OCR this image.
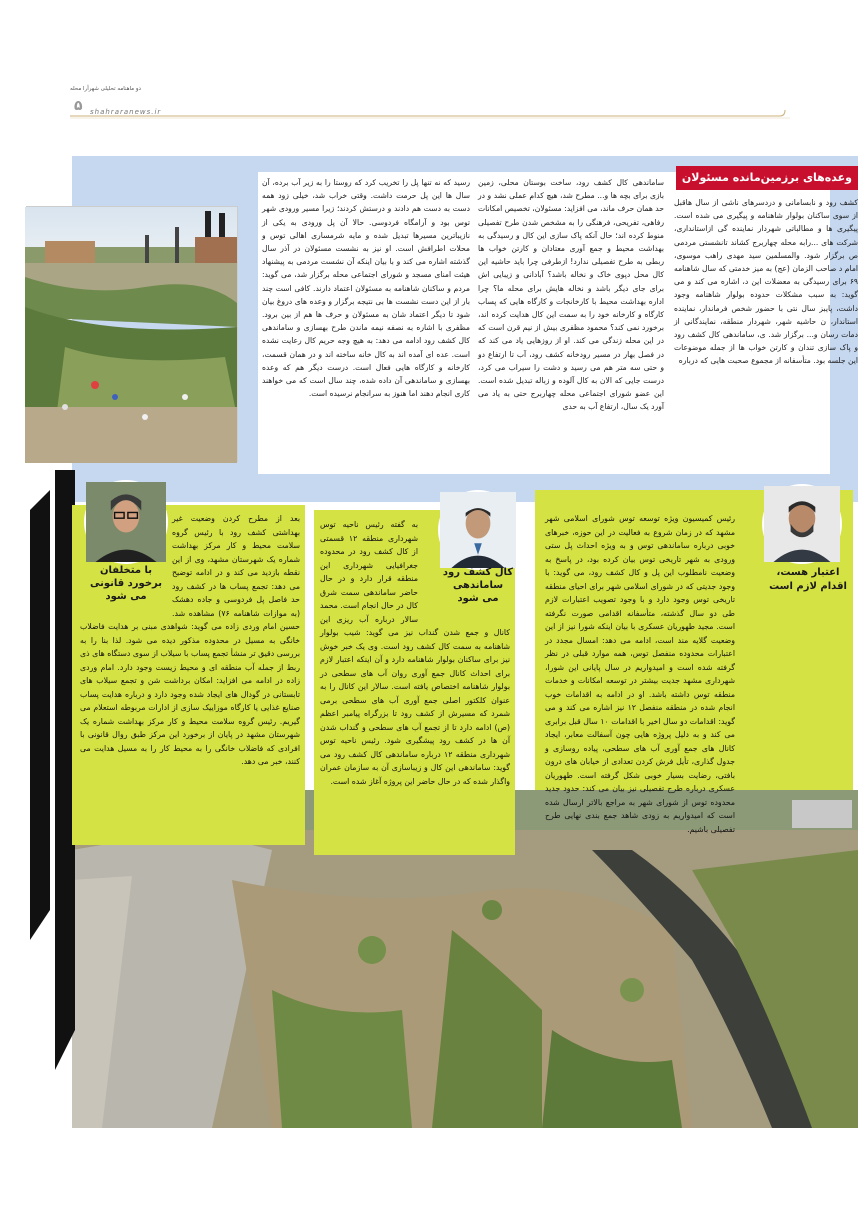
دو ماهنامه تحلیلی شهرآرا محله
۵ shahraranews.ir
وعده‌های برزمین‌مانده مسئولان
کشف رود و نابسامانی و دردسرهای ناشی از سال هاقبل از سوی ساکنان بولوار شاهنامه و پیگیری می شده است. پیگیری ها و مطالباتی شهردار نماینده گی ازاستانداری، شرکت های ...رابه محله چهاربرج کشاند تانشستی مردمی ص برگزار شود. والمسلمین سید مهدی راهب موسوی، امام د صاحب الزمان (عج) به میز خدمتی که سال شاهنامه ۶۹ برای رسیدگی به معضلات این د، اشاره می کند و می گوید: به سبب مشکلات حدوده بولوار شاهنامه وجود داشت، پایبز سال نتی با حضور شخص فرماندار، نماینده استاندار، ن حاشیه شهر، شهردار منطقه، نمایندگانی از دمات رسان و... برگزار شد. ی، ساماندهی کال کشف رود و پاک سازی تندان و کارتن خواب ها از جمله موضوعات این جلسه بود. متأسفانه از مجموع صحبت هایی که درباره
ساماندهی کال کشف رود، ساخت بوستان محلی، زمین بازی برای بچه ها و... مطرح شد، هیچ کدام عملی نشد و در حد همان حرف ماند، می افزاید: مسئولان، تخصیص امکانات رفاهی، تفریحی، فرهنگی را به مشخص شدن طرح تفصیلی منوط کرده اند؛ حال آنکه پاک سازی این کال و رسیدگی به بهداشت محیط و جمع آوری معتادان و کارتن خواب ها ربطی به طرح تفصیلی ندارد! ازطرفی چرا باید حاشیه این کال محل دپوی خاک و نخاله باشد؟ آبادانی و زیبایی اش برای جای دیگر باشد و نخاله هایش برای محله ما؟ چرا اداره بهداشت محیط با کارخانجات و کارگاه هایی که پساب کارگاه و کارخانه خود را به سمت این کال هدایت کرده اند، برخورد نمی کند؟ محمود مظفری بیش از نیم قرن است که در این محله زندگی می کند. او از روزهایی یاد می کند که در فصل بهار در مسیر رودخانه کشف رود، آب تا ارتفاع دو و حتی سه متر هم می رسید و دشت را سیراب می کرد، درست جایی که الان به کال آلوده و زباله تبدیل شده است. این عضو شورای اجتماعی محله چهاربرج حتی به یاد می آورد یک سال، ارتفاع آب به حدی
رسید که نه تنها پل را تخریب کرد که روستا را به زیر آب برده، آن سال ها این پل حرمت داشت. وقتی خراب شد، خیلی زود همه دست به دست هم دادند و درستش کردند؛ زیرا مسیر ورودی شهر توس بود و آرامگاه فردوسی. حالا آن پل ورودی به یکی از نازیباترین مسیرها تبدیل شده و مایه شرمساری اهالی توس و محلات اطرافش است. او نیز به نشست مسئولان در آذر سال گذشته اشاره می کند و با بیان اینکه آن نشست مردمی به پیشنهاد هیئت امنای مسجد و شورای اجتماعی محله برگزار شد، می گوید: مردم و ساکنان شاهنامه به مسئولان اعتماد دارند. کافی است چند بار از این دست نشست ها بی نتیجه برگزار و وعده های دروغ بیان شود تا دیگر اعتماد شان به مسئولان و حرف ها هم از بین برود. مظفری با اشاره به نصفه نیمه ماندن طرح بهسازی و ساماندهی کال کشف رود ادامه می دهد: به هیچ وجه حریم کال رعایت نشده است. عده ای آمده اند به کال خانه ساخته اند و در همان قسمت، کارخانه و کارگاه هایی فعال است. درست دیگر هم که وعده بهسازی و ساماندهی آن داده شده، چند سال است که می خواهند کاری انجام دهند اما هنوز به سرانجام نرسیده است.
اعتبار هست،
اقدام لازم است
رئیس کمیسیون ویژه توسعه توس شورای اسلامی شهر مشهد که در زمان شروع به فعالیت در این حوزه، خبرهای خوبی درباره ساماندهی توس و به ویژه احداث پل ستی ورودی به شهر تاریخی توس بیان کرده بود، در پاسخ به وضعیت نامطلوب این پل و کال کشف رود، می گوید: با وجود جدیتی که در شورای اسلامی شهر برای احیای منطقه تاریخی توس وجود دارد و با وجود تصویب اعتبارات لازم طی دو سال گذشته، متأسفانه اقدامی صورت نگرفته است. مجید طهوریان عسکری با بیان اینکه شورا نیز از این وضعیت گلایه مند است، ادامه می دهد: امسال مجدد در اعتبارات محدوده منفصل توس، همه موارد قبلی در نظر گرفته شده است و امیدواریم در سال پایانی این شورا، شهرداری مشهد جدیت بیشتر در توسعه امکانات و خدمات منطقه توس داشته باشد. او در ادامه به اقدامات خوب انجام شده در منطقه منفصل ۱۲ نیز اشاره می کند و می گوید: اقدامات دو سال اخیر با اقدامات ۱۰ سال قبل برابری می کند و به دلیل پروژه هایی چون آسفالت معابر، ایجاد کانال های جمع آوری آب های سطحی، پیاده روسازی و جدول گذاری، تأیل فرش کردن تعدادی از خیابان های درون بافتی، رضایت بسیار خوبی شکل گرفته است. طهوریان عسکری درباره طرح تفصیلی نیز بیان می کند: حدود جدید محدوده توس از شورای شهر به مراجع بالاتر ارسال شده است که امیدواریم به زودی شاهد جمع بندی نهایی طرح تفصیلی باشیم.
کال کشف رود
ساماندهی
می شود
به گفته رئیس ناحیه توس شهرداری منطقه ۱۲ قسمتی از کال کشف رود در محدوده جغرافیایی شهرداری این منطقه قرار دارد و در حال حاضر ساماندهی سمت شرق کال در حال انجام است. محمد سالار درباره آب ریزی این کانال و جمع شدن گنداب نیز می گوید: شیب بولوار شاهنامه به سمت کال کشف رود است. وی یک خبر خوش نیز برای ساکنان بولوار شاهنامه دارد و آن اینکه اعتبار لازم برای احداث کانال جمع آوری روان آب های سطحی در بولوار شاهنامه اختصاص یافته است. سالار این کانال را به عنوان کلکتور اصلی جمع آوری آب های سطحی برمی شمرد که مسیرش از کشف رود تا بزرگراه پیامبر اعظم (ص) ادامه دارد تا از تجمع آب های سطحی و گنداب شدن آن ها در کشف رود پیشگیری شود. رئیس ناحیه توس شهرداری منطقه ۱۲ درباره ساماندهی کال کشف رود می گوید: ساماندهی این کال و زیباسازی آن به سازمان عمران واگذار شده که در حال حاضر این پروژه آغاز شده است.
با متخلفان
برخورد قانونی
می شود
بعد از مطرح کردن وضعیت غیر بهداشتی کشف رود با رئیس گروه سلامت محیط و کار مرکز بهداشت شماره یک شهرستان مشهد، وی از این نقطه بازدید می کند و در ادامه توضیح می دهد: تجمع پساب ها در کشف رود حد فاصل پل فردوسی و جاده دهشک (به موازات شاهنامه ۷۶) مشاهده شد. حسین امام وردی زاده می گوید: شواهدی مبنی بر هدایت فاضلاب خانگی به مسیل در محدوده مذکور دیده می شود. لذا بنا را به بررسی دقیق تر منشأ تجمع پساب با سیلاب از سوی دستگاه های ذی ربط از جمله آب منطقه ای و محیط زیست وجود دارد. امام وردی زاده در ادامه می افزاید: امکان برداشت شن و تجمع سیلاب های تابستانی در گودال های ایجاد شده وجود دارد و درباره هدایت پساب صنایع غذایی یا کارگاه موزاییک سازی از ادارات مربوطه استعلام می گیریم. رئیس گروه سلامت محیط و کار مرکز بهداشت شماره یک شهرستان مشهد در پایان از برخورد این مرکز طبق روال قانونی با افرادی که فاضلاب خانگی را به محیط کار را به مسیل هدایت می کنند، خبر می دهد.
